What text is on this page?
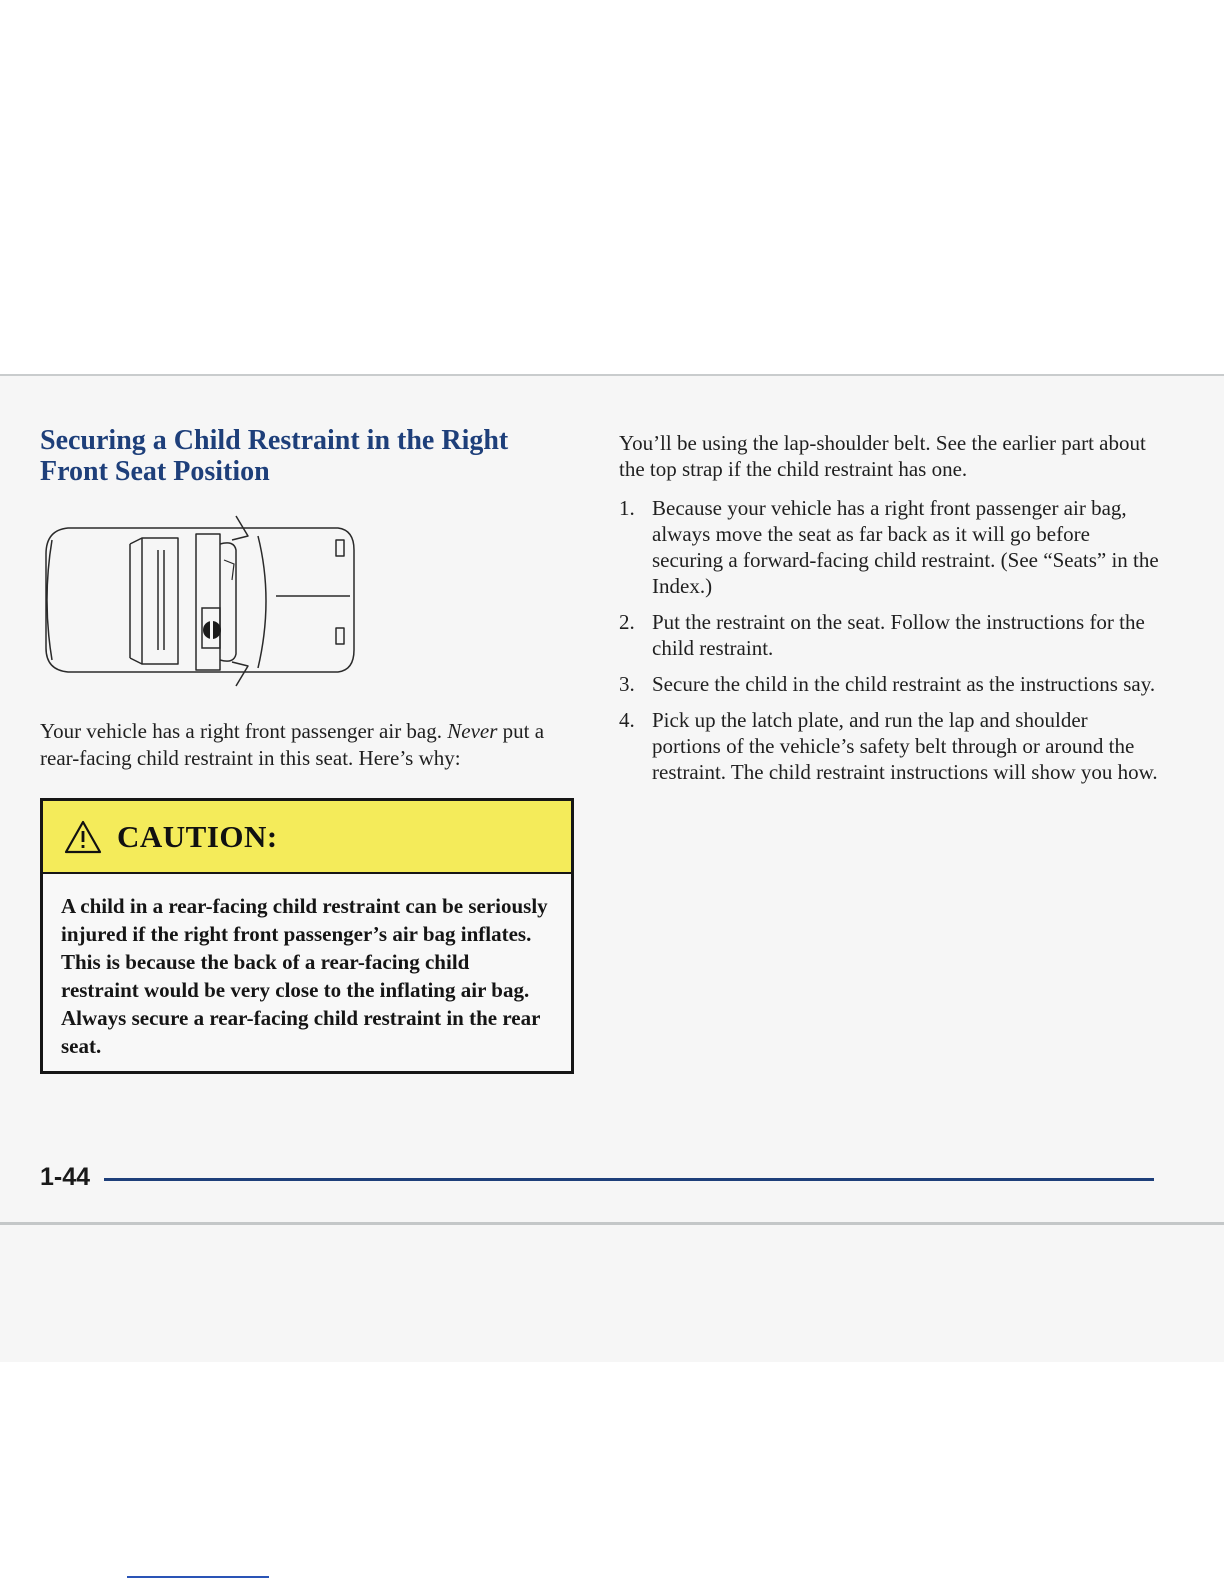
Securing a Child Restraint in the Right Front Seat Position

Your vehicle has a right front passenger air bag. Never put a rear-facing child restraint in this seat. Here’s why:

CAUTION:

A child in a rear-facing child restraint can be seriously injured if the right front passenger’s air bag inflates. This is because the back of a rear-facing child restraint would be very close to the inflating air bag. Always secure a rear-facing child restraint in the rear seat.

You’ll be using the lap-shoulder belt. See the earlier part about the top strap if the child restraint has one.

1. Because your vehicle has a right front passenger air bag, always move the seat as far back as it will go before securing a forward-facing child restraint. (See “Seats” in the Index.)
2. Put the restraint on the seat. Follow the instructions for the child restraint.
3. Secure the child in the child restraint as the instructions say.
4. Pick up the latch plate, and run the lap and shoulder portions of the vehicle’s safety belt through or around the restraint. The child restraint instructions will show you how.

1-44
